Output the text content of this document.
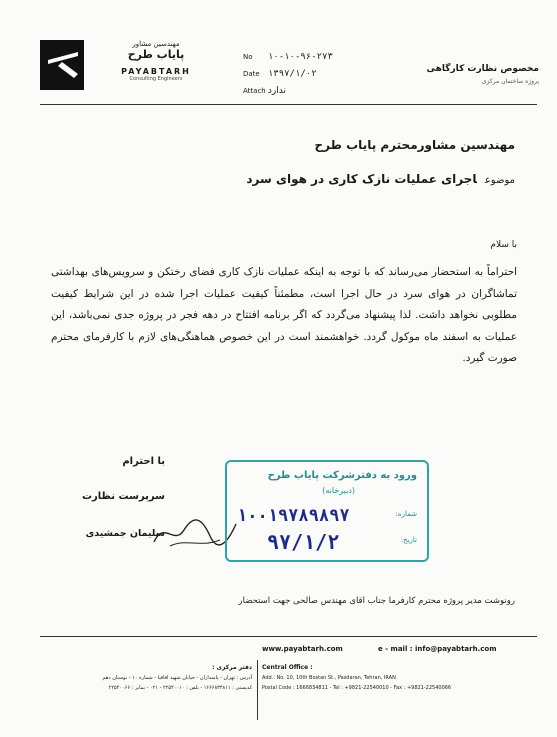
مهندسین مشاور
پایاب طرح
PAYABTARH
Consulting Engineers
No ۱۰-۱۰-۹۶-۲۷۳
Date ۱۳۹۷/۱/۰۲
Attach ندارد
مخصوص نظارت کارگاهی
پروژه ساختمان مرکزی
مهندسین مشاورمحترم پایاب طرح
موضوعاجرای عملیات نازک کاری در هوای سرد
با سلام
احتراماً به استحضار می‌رساند که با توجه به اینکه عملیات نازک کاری فضای رختکن و سرویس‌های بهداشتی تماشاگران در هوای سرد در حال اجرا است، مطمئناً کیفیت عملیات اجرا شده در این شرایط کیفیت مطلوبی نخواهد داشت. لذا پیشنهاد می‌گردد که اگر برنامه افتتاح در دهه فجر در پروژه جدی نمی‌باشد، این عملیات به اسفند ماه موکول گردد. خواهشمند است در این خصوص هماهنگی‌های لازم با کارفرمای محترم صورت گیرد.
با احترام
سرپرست نظارت
سلیمان جمشیدی
ورود به دفترشرکت پایاب طرح
(دبیرخانه)
شماره:
۱۰۰۱۹۷۸۹۸۹۷
تاریخ:
۹۷/۱/۲
رونوشت مدیر پروژه محترم کارفرما جناب اقای مهندس صالحی جهت استحضار
www.payabtarh.com	e - mail : info@payabtarh.com
دفتر مرکزی :
آدرس : تهران - پاسداران - خیابان شهید اقاقیا - شماره ۱۰ - بوستان دهم
کدپستی : ۱۶۶۶۸۳۴۸۱۱ - تلفن : ۲۲۵۴۰۰۱۰ - ۰۲۱ - نمابر : ۲۲۵۴۰۰۶۶
Central Office :
Add.: No. 10, 10th Bostan St., Pasdaran, Tehran, IRAN
Postal Code : 1666834811 - Tel : +9821-22540010 - Fax : +9821-22540066
